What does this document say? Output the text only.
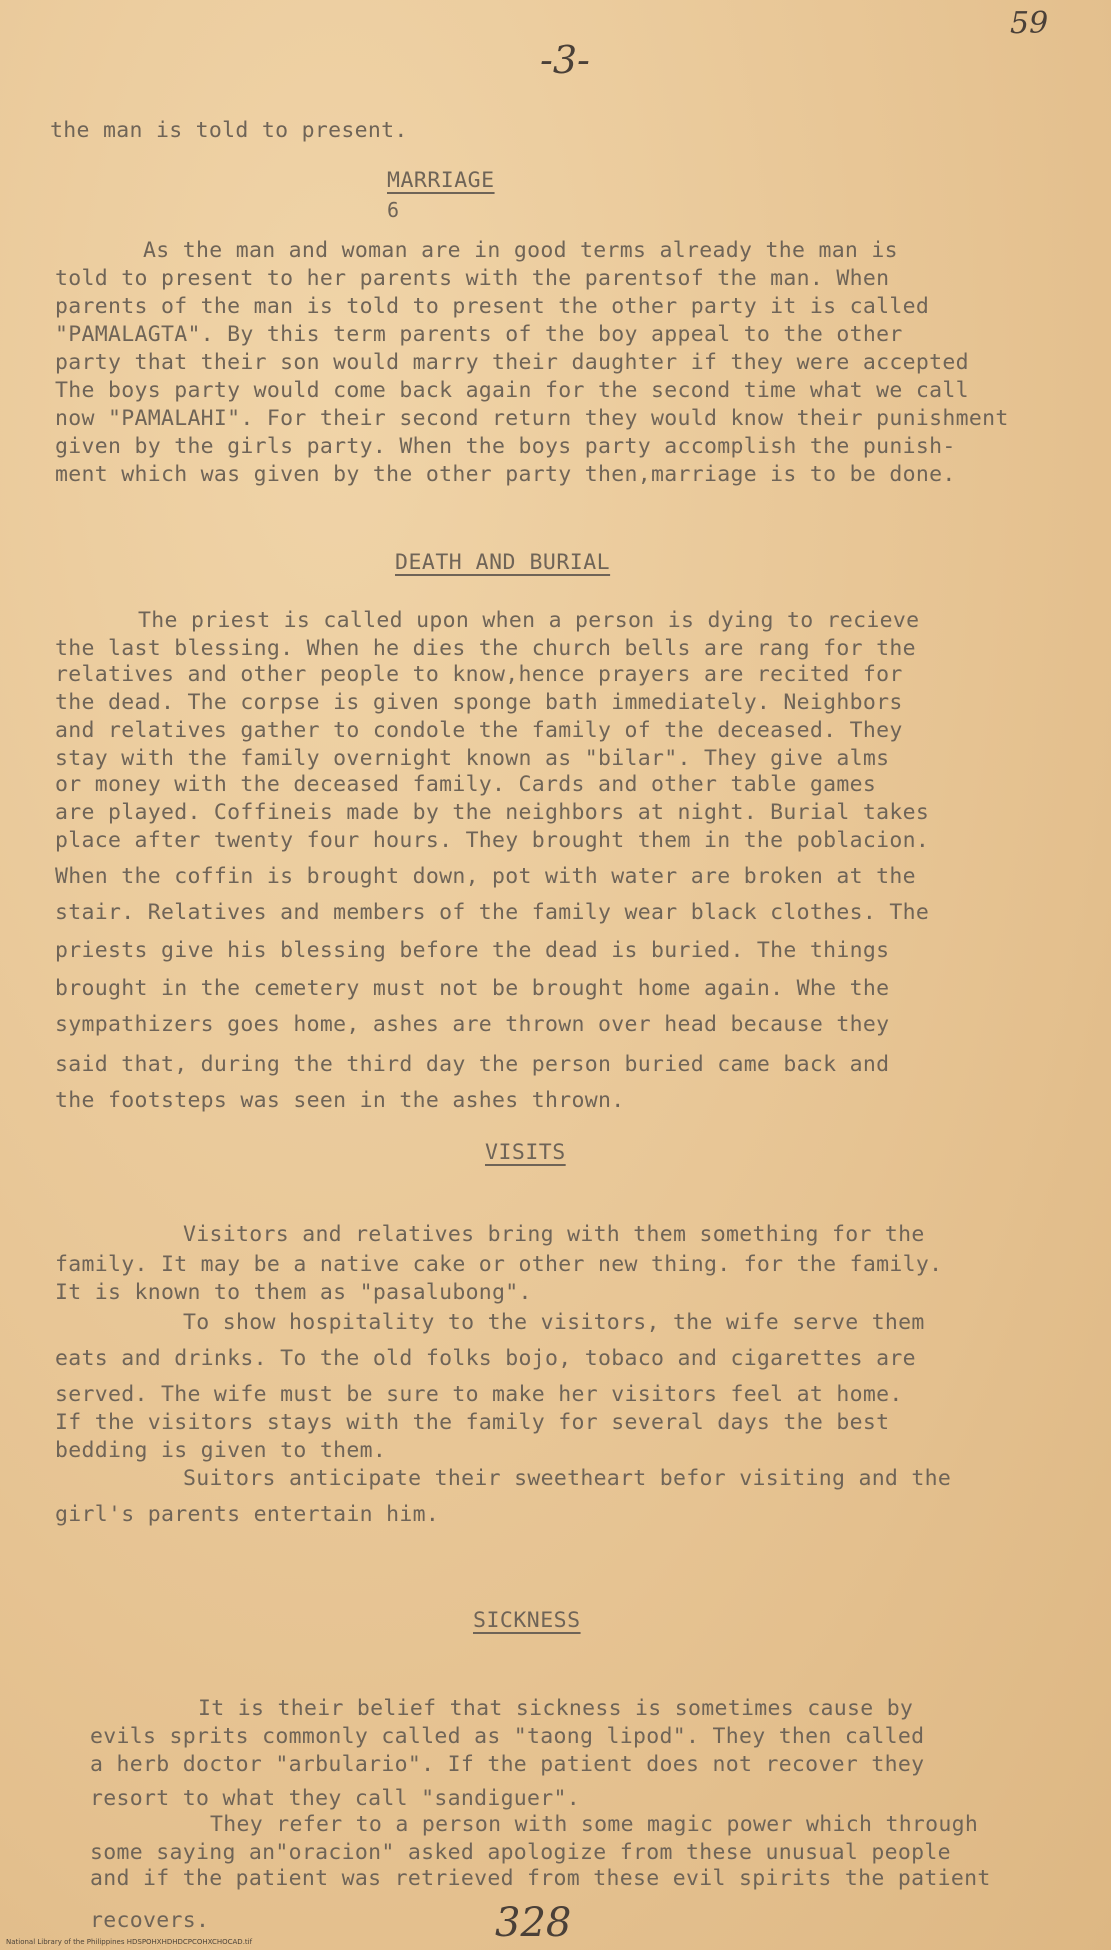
59
-3-
the man is told to present.
MARRIAGE
6
As the man and woman are in good terms already the man is
told to present to her parents with the parentsof the man. When
parents of the man is told to present the other party it is called
"PAMALAGTA". By this term parents of the boy appeal to the other
party that their son would marry their daughter if they were accepted
The boys party would come back again for the second time what we call
now "PAMALAHI". For their second return they would know their punishment
given by the girls party. When the boys party accomplish the punish-
ment which was given by the other party then,marriage is to be done.
DEATH AND BURIAL
The priest is called upon when a person is dying to recieve
the last blessing. When he dies the church bells are rang for the
relatives and other people to know,hence prayers are recited for
the dead. The corpse is given sponge bath immediately. Neighbors
and relatives gather to condole the family of the deceased. They
stay with the family overnight known as "bilar". They give alms
or money with the deceased family. Cards and other table games
are played. Coffineis made by the neighbors at night. Burial takes
place after twenty four hours. They brought them in the poblacion.
When the coffin is brought down, pot with water are broken at the
stair. Relatives and members of the family wear black clothes. The
priests give his blessing before the dead is buried. The things
brought in the cemetery must not be brought home again. Whe the
sympathizers goes home, ashes are thrown over head because they
said that, during the third day the person buried came back and
the footsteps was seen in the ashes thrown.
VISITS
Visitors and relatives bring with them something for the
family. It may be a native cake or other new thing. for the family.
It is known to them as "pasalubong".
To show hospitality to the visitors, the wife serve them
eats and drinks. To the old folks bojo, tobaco and cigarettes are
served. The wife must be sure to make her visitors feel at home.
If the visitors stays with the family for several days the best
bedding is given to them.
Suitors anticipate their sweetheart befor visiting and the
girl's parents entertain him.
SICKNESS
It is their belief that sickness is sometimes cause by
evils sprits commonly called as "taong lipod". They then called
a herb doctor "arbulario". If the patient does not recover they
resort to what they call "sandiguer".
They refer to a person with some magic power which through
some saying an"oracion" asked apologize from these unusual people
and if the patient was retrieved from these evil spirits the patient
recovers.	328
National Library of the Philippines HDSPOHXHDHDCPCOHXCHOCAD.tif
